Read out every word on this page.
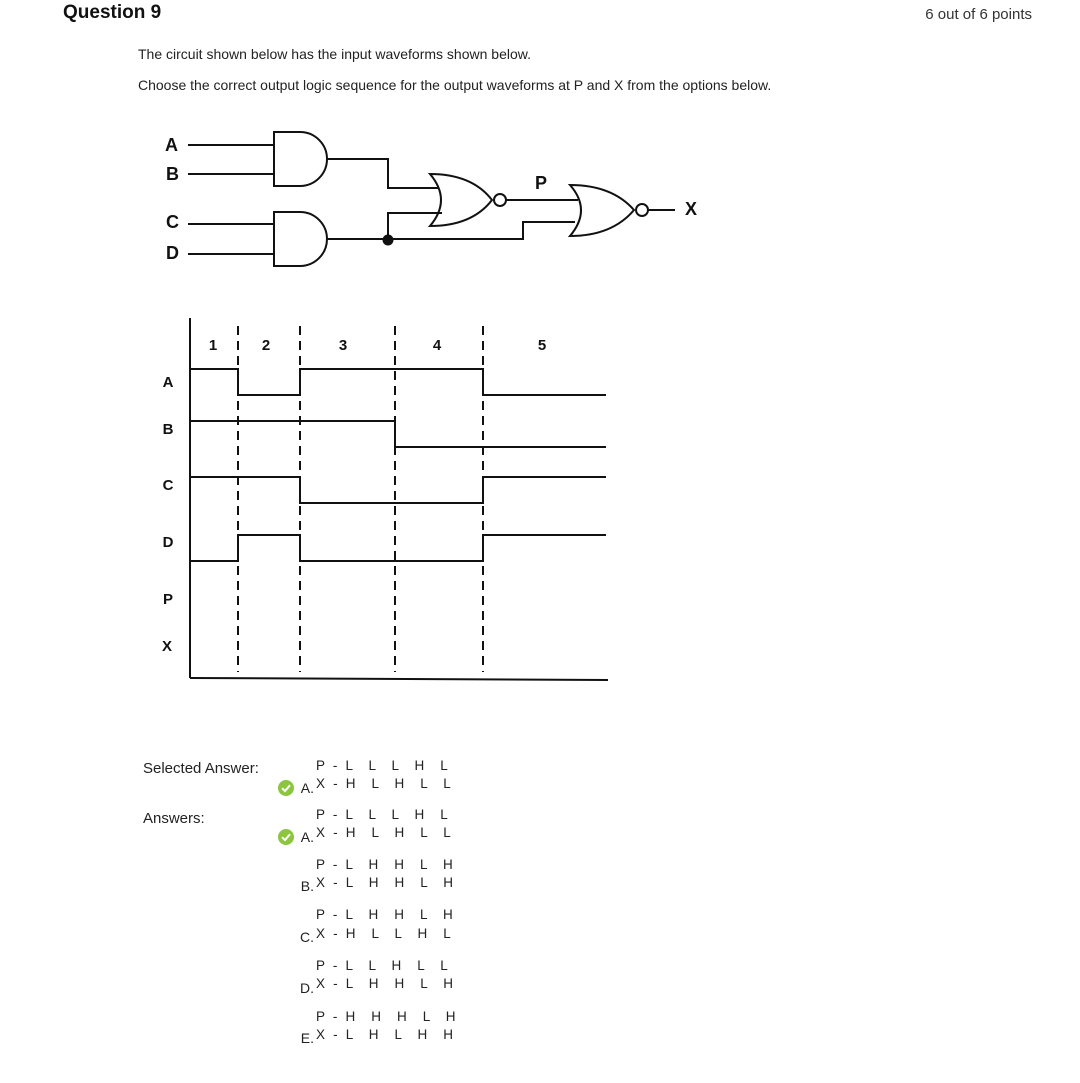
Question 9	6 out of 6 points
The circuit shown below has the input waveforms shown below.
Choose the correct output logic sequence for the output waveforms at P and X from the options below.
A
B
C
D
P
X
1	2	3	4	5
A
B
C
D
P
X
Selected Answer:
Answers:
A.
P  -  L    L    L    H    L
X  -  H    L    H    L    L
A.
P  -  L    L    L    H    L
X  -  H    L    H    L    L
B.
P  -  L    H    H    L    H
X  -  L    H    H    L    H
C.
P  -  L    H    H    L    H
X  -  H    L    L    H    L
D.
P  -  L    L    H    L    L
X  -  L    H    H    L    H
E.
P  -  H    H    H    L    H
X  -  L    H    L    H    H
